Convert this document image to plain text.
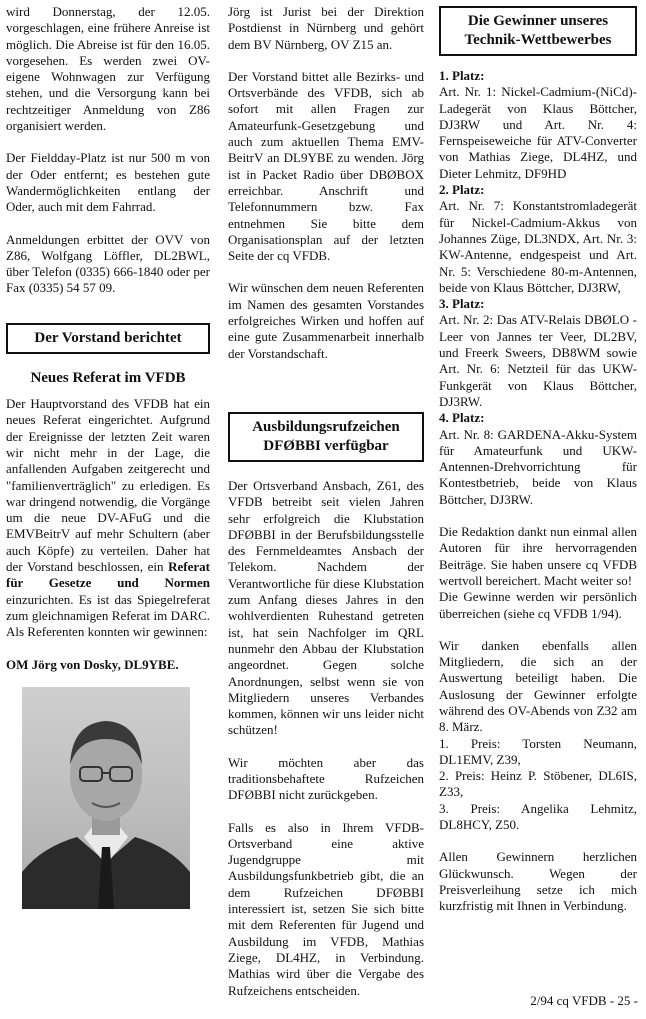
wird Donnerstag, der 12.05. vorgeschlagen, eine frühere Anreise ist möglich. Die Abreise ist für den 16.05. vorgesehen. Es werden zwei OV-eigene Wohnwagen zur Verfügung stehen, und die Versorgung kann bei rechtzeitiger Anmeldung von Z86 organisiert werden.

Der Fieldday-Platz ist nur 500 m von der Oder entfernt; es bestehen gute Wandermöglichkeiten entlang der Oder, auch mit dem Fahrrad.

Anmeldungen erbittet der OVV von Z86, Wolfgang Löffler, DL2BWL, über Telefon (0335) 666-1840 oder per Fax (0335) 54 57 09.

Der Vorstand berichtet
Neues Referat im VFDB

Der Hauptvorstand des VFDB hat ein neues Referat eingerichtet. Aufgrund der Ereignisse der letzten Zeit waren wir nicht mehr in der Lage, die anfallenden Aufgaben zeitgerecht und "familienverträglich" zu erledigen. Es war dringend notwendig, die Vorgänge um die neue DV-AFuG und die EMVBeitrV auf mehr Schultern (aber auch Köpfe) zu verteilen. Daher hat der Vorstand beschlossen, ein Referat für Gesetze und Normen einzurichten. Es ist das Spiegelreferat zum gleichnamigen Referat im DARC. Als Referenten konnten wir gewinnen:

OM Jörg von Dosky, DL9YBE.

Jörg ist Jurist bei der Direktion Postdienst in Nürnberg und gehört dem BV Nürnberg, OV Z15 an.

Der Vorstand bittet alle Bezirks- und Ortsverbände des VFDB, sich ab sofort mit allen Fragen zur Amateurfunk-Gesetzgebung und auch zum aktuellen Thema EMV-BeitrV an DL9YBE zu wenden. Jörg ist in Packet Radio über DBØBOX erreichbar. Anschrift und Telefonnummern bzw. Fax entnehmen Sie bitte dem Organisationsplan auf der letzten Seite der cq VFDB.

Wir wünschen dem neuen Referenten im Namen des gesamten Vorstandes erfolgreiches Wirken und hoffen auf eine gute Zusammenarbeit innerhalb der Vorstandschaft.

Ausbildungsrufzeichen
DFØBBI verfügbar

Der Ortsverband Ansbach, Z61, des VFDB betreibt seit vielen Jahren sehr erfolgreich die Klubstation DFØBBI in der Berufsbildungsstelle des Fernmeldeamtes Ansbach der Telekom. Nachdem der Verantwortliche für diese Klubstation zum Anfang dieses Jahres in den wohlverdienten Ruhestand getreten ist, hat sein Nachfolger im QRL nunmehr den Abbau der Klubstation angeordnet. Gegen solche Anordnungen, selbst wenn sie von Mitgliedern unseres Verbandes kommen, können wir uns leider nicht schützen!

Wir möchten aber das traditionsbehaftete Rufzeichen DFØBBI nicht zurückgeben.

Falls es also in Ihrem VFDB-Ortsverband eine aktive Jugendgruppe mit Ausbildungsfunkbetrieb gibt, die an dem Rufzeichen DFØBBI interessiert ist, setzen Sie sich bitte mit dem Referenten für Jugend und Ausbildung im VFDB, Mathias Ziege, DL4HZ, in Verbindung. Mathias wird über die Vergabe des Rufzeichens entscheiden.

Die Gewinner unseres
Technik-Wettbewerbes
1. Platz:
Art. Nr. 1: Nickel-Cadmium-(NiCd)-Ladegerät von Klaus Böttcher, DJ3RW und Art. Nr. 4: Fernspeiseweiche für ATV-Converter von Mathias Ziege, DL4HZ, und Dieter Lehmitz, DF9HD
2. Platz:
Art. Nr. 7: Konstantstromladegerät für Nickel-Cadmium-Akkus von Johannes Züge, DL3NDX, Art. Nr. 3: KW-Antenne, endgespeist und Art. Nr. 5: Verschiedene 80-m-Antennen, beide von Klaus Böttcher, DJ3RW,
3. Platz:
Art. Nr. 2: Das ATV-Relais DBØLO - Leer von Jannes ter Veer, DL2BV, und Freerk Sweers, DB8WM sowie Art. Nr. 6: Netzteil für das UKW-Funkgerät von Klaus Böttcher, DJ3RW.
4. Platz:
Art. Nr. 8: GARDENA-Akku-System für Amateurfunk und UKW-Antennen-Drehvorrichtung für Kontestbetrieb, beide von Klaus Böttcher, DJ3RW.

Die Redaktion dankt nun einmal allen Autoren für ihre hervorragenden Beiträge. Sie haben unsere cq VFDB wertvoll bereichert. Macht weiter so!

Die Gewinne werden wir persönlich überreichen (siehe cq VFDB 1/94).

Wir danken ebenfalls allen Mitgliedern, die sich an der Auswertung beteiligt haben. Die Auslosung der Gewinner erfolgte während des OV-Abends von Z32 am 8. März.

1. Preis: Torsten Neumann, DL1EMV, Z39,
2. Preis: Heinz P. Stöbener, DL6IS, Z33,
3. Preis: Angelika Lehmitz, DL8HCY, Z50.

Allen Gewinnern herzlichen Glückwunsch. Wegen der Preisverleihung setze ich mich kurzfristig mit Ihnen in Verbindung.

2/94 cq VFDB - 25 -
